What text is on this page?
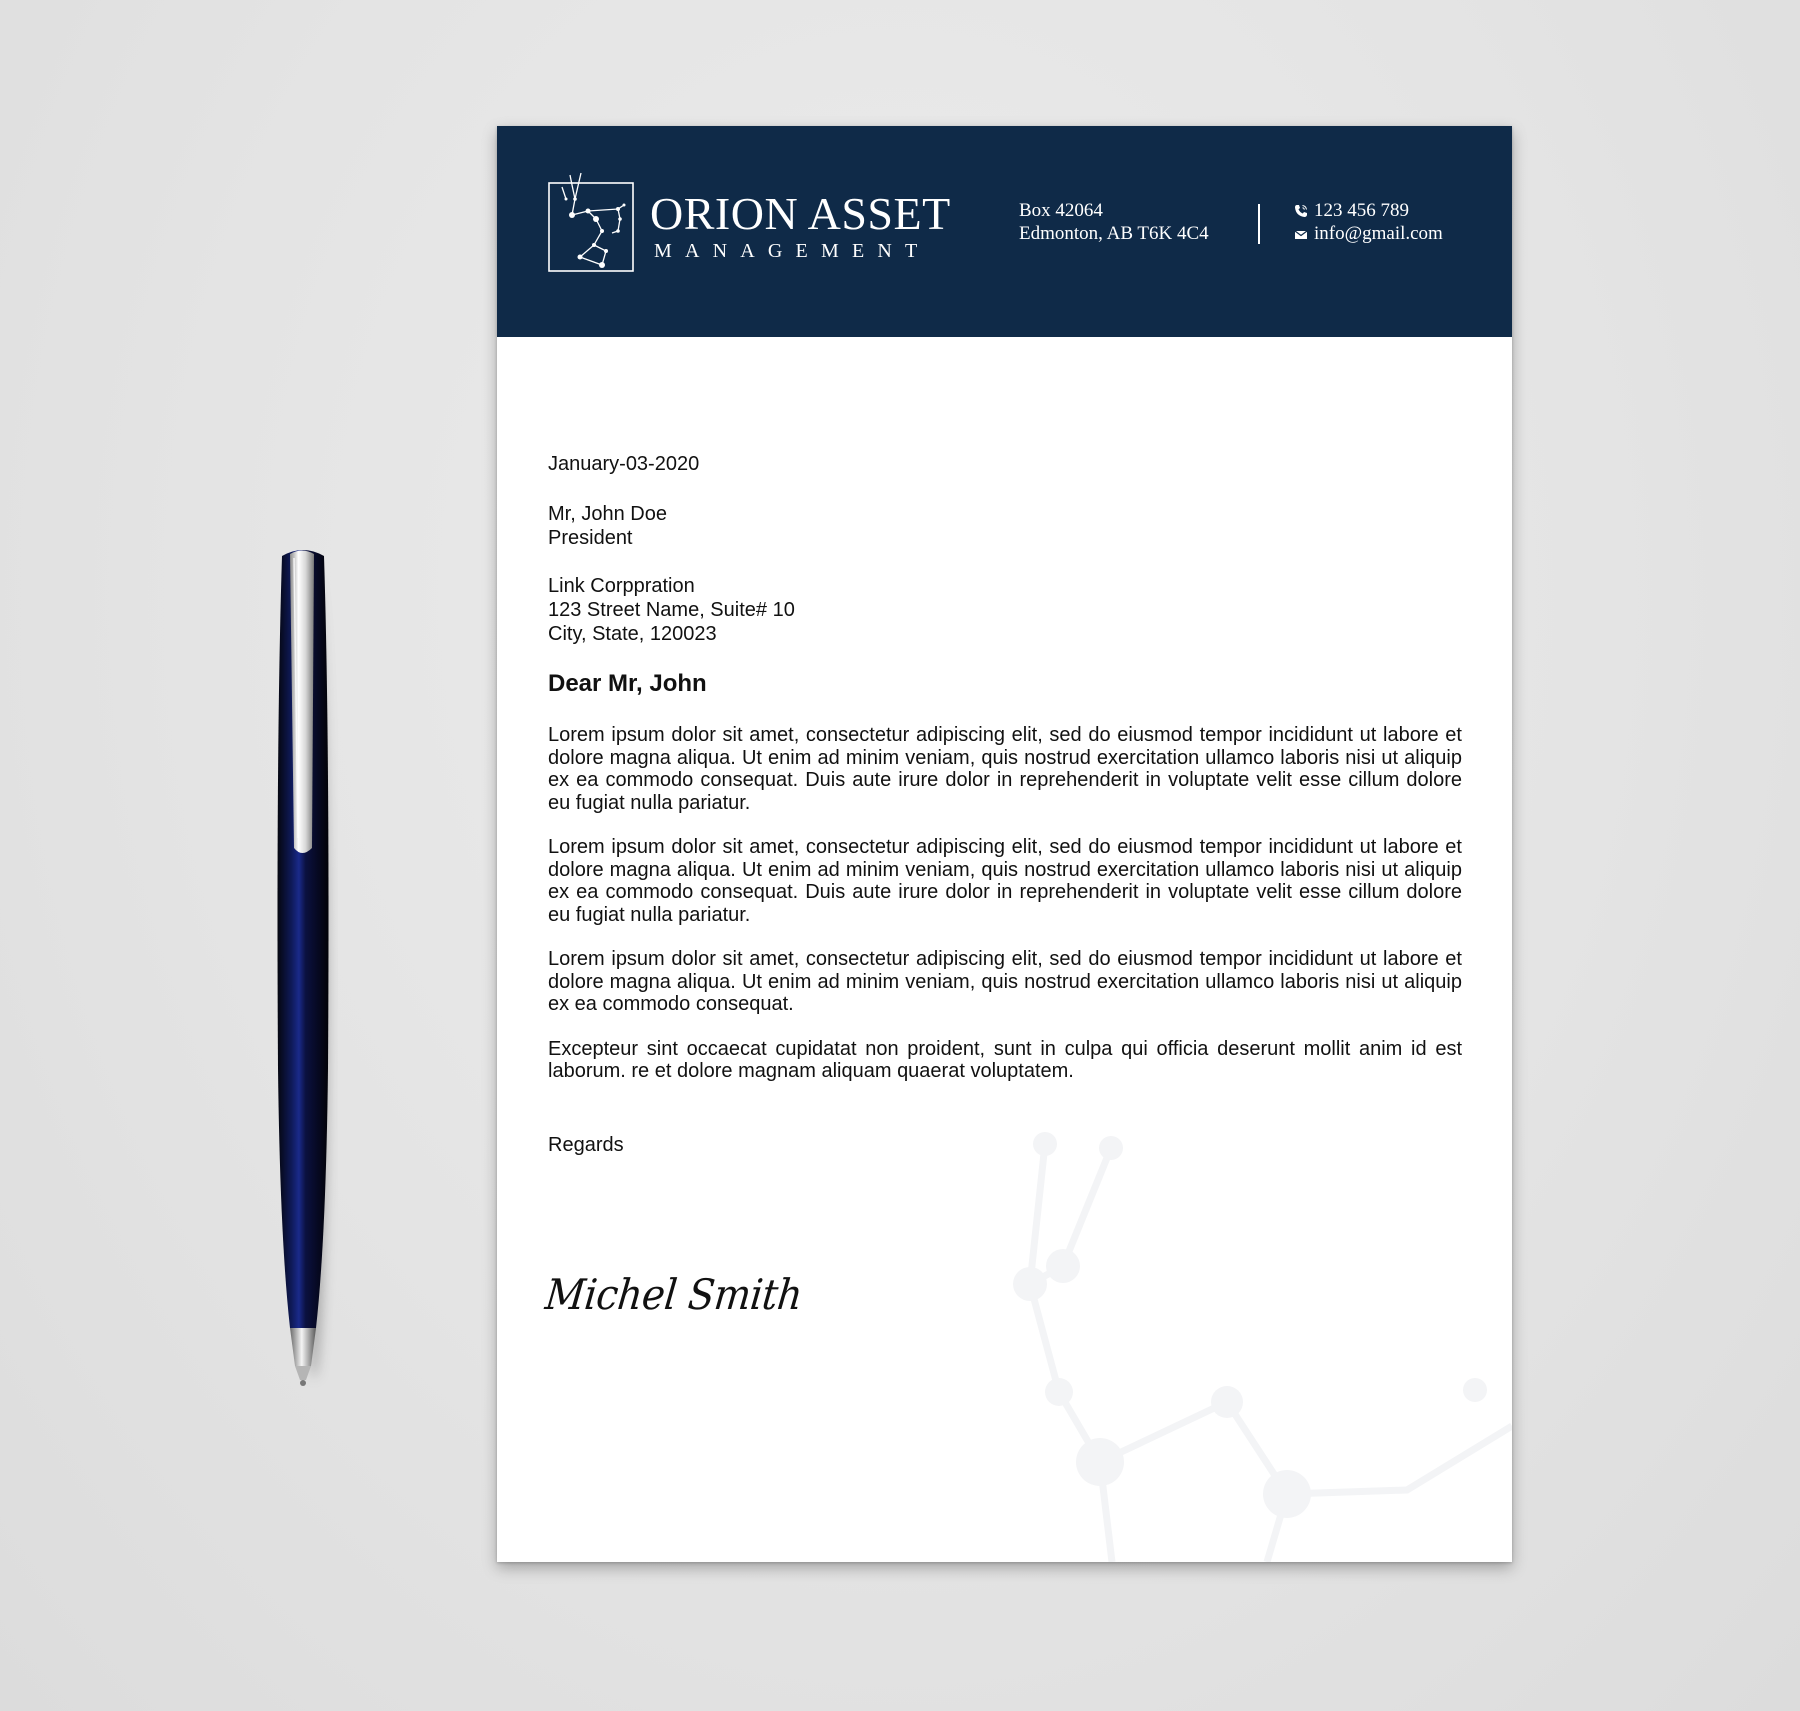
ORION ASSET
MANAGEMENT
Box 42064
Edmonton, AB T6K 4C4
123 456 789
info@gmail.com
January-03-2020
Mr, John Doe
President
Link Corppration
123 Street Name, Suite# 10
City, State, 120023
Dear Mr, John

Lorem ipsum dolor sit amet, consectetur adipiscing elit, sed do eiusmod tempor incididunt ut labore et dolore magna aliqua. Ut enim ad minim veniam, quis nostrud exercitation ullamco laboris nisi ut aliquip ex ea commodo consequat. Duis aute irure dolor in reprehenderit in voluptate velit esse cillum dolore eu fugiat nulla pariatur.

Lorem ipsum dolor sit amet, consectetur adipiscing elit, sed do eiusmod tempor incididunt ut labore et dolore magna aliqua. Ut enim ad minim veniam, quis nostrud exercitation ullamco laboris nisi ut aliquip ex ea commodo consequat. Duis aute irure dolor in reprehenderit in voluptate velit esse cillum dolore eu fugiat nulla pariatur.

Lorem ipsum dolor sit amet, consectetur adipiscing elit, sed do eiusmod tempor incididunt ut labore et dolore magna aliqua. Ut enim ad minim veniam, quis nostrud exercitation ullamco laboris nisi ut aliquip ex ea commodo consequat.

Excepteur sint occaecat cupidatat non proident, sunt in culpa qui officia deserunt mollit anim id est laborum. re et dolore magnam aliquam quaerat voluptatem.

Regards
Michel Smith
